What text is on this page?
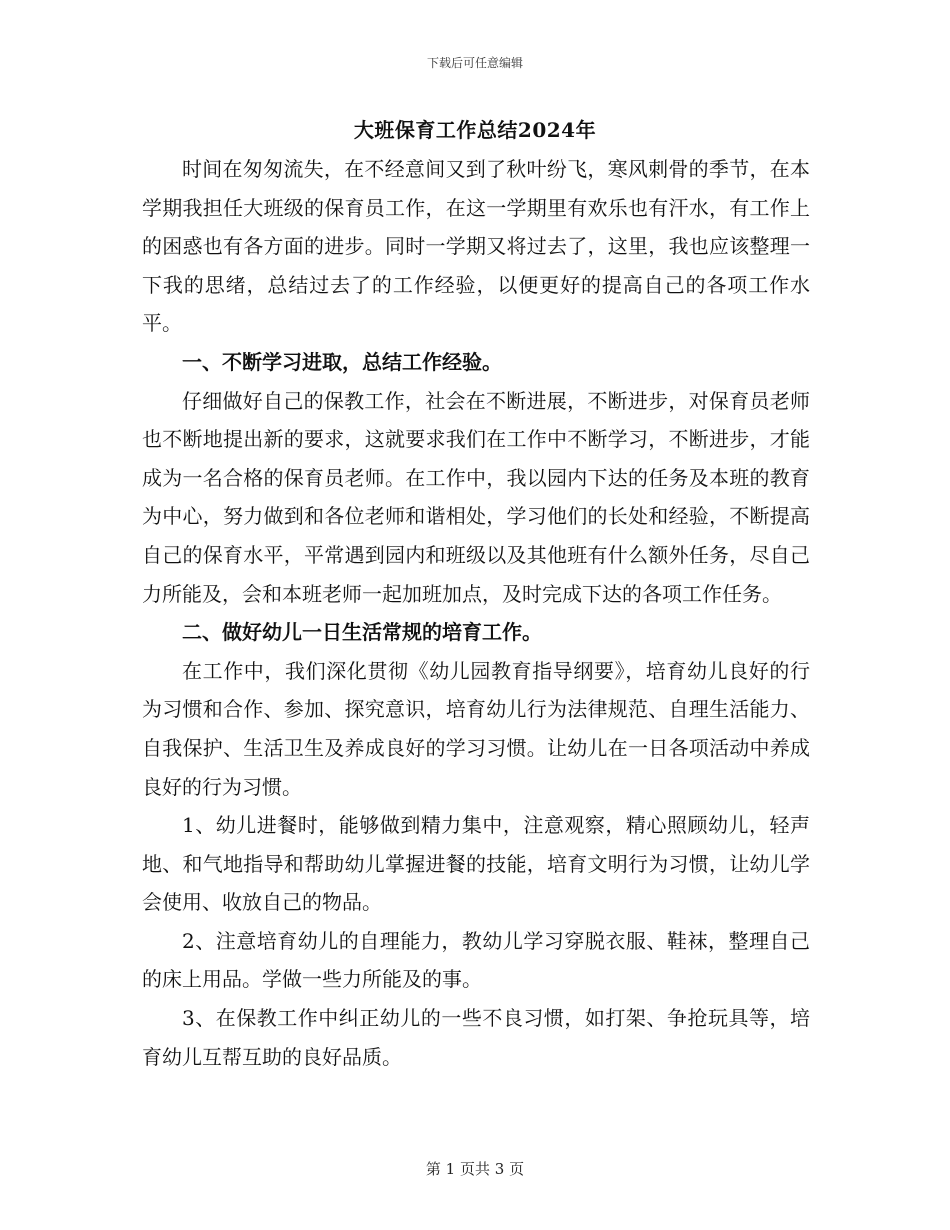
下载后可任意编辑
大班保育工作总结2024年

时间在匆匆流失，在不经意间又到了秋叶纷飞，寒风刺骨的季节，在本学期我担任大班级的保育员工作，在这一学期里有欢乐也有汗水，有工作上的困惑也有各方面的进步。同时一学期又将过去了，这里，我也应该整理一下我的思绪，总结过去了的工作经验，以便更好的提高自己的各项工作水平。

一、不断学习进取，总结工作经验。

仔细做好自己的保教工作，社会在不断进展，不断进步，对保育员老师也不断地提出新的要求，这就要求我们在工作中不断学习，不断进步，才能成为一名合格的保育员老师。在工作中，我以园内下达的任务及本班的教育为中心，努力做到和各位老师和谐相处，学习他们的长处和经验，不断提高自己的保育水平，平常遇到园内和班级以及其他班有什么额外任务，尽自己力所能及，会和本班老师一起加班加点，及时完成下达的各项工作任务。

二、做好幼儿一日生活常规的培育工作。

在工作中，我们深化贯彻《幼儿园教育指导纲要》，培育幼儿良好的行为习惯和合作、参加、探究意识，培育幼儿行为法律规范、自理生活能力、自我保护、生活卫生及养成良好的学习习惯。让幼儿在一日各项活动中养成良好的行为习惯。

1、幼儿进餐时，能够做到精力集中，注意观察，精心照顾幼儿，轻声地、和气地指导和帮助幼儿掌握进餐的技能，培育文明行为习惯，让幼儿学会使用、收放自己的物品。

2、注意培育幼儿的自理能力，教幼儿学习穿脱衣服、鞋袜，整理自己的床上用品。学做一些力所能及的事。

3、在保教工作中纠正幼儿的一些不良习惯，如打架、争抢玩具等，培育幼儿互帮互助的良好品质。

第 1 页共 3 页
